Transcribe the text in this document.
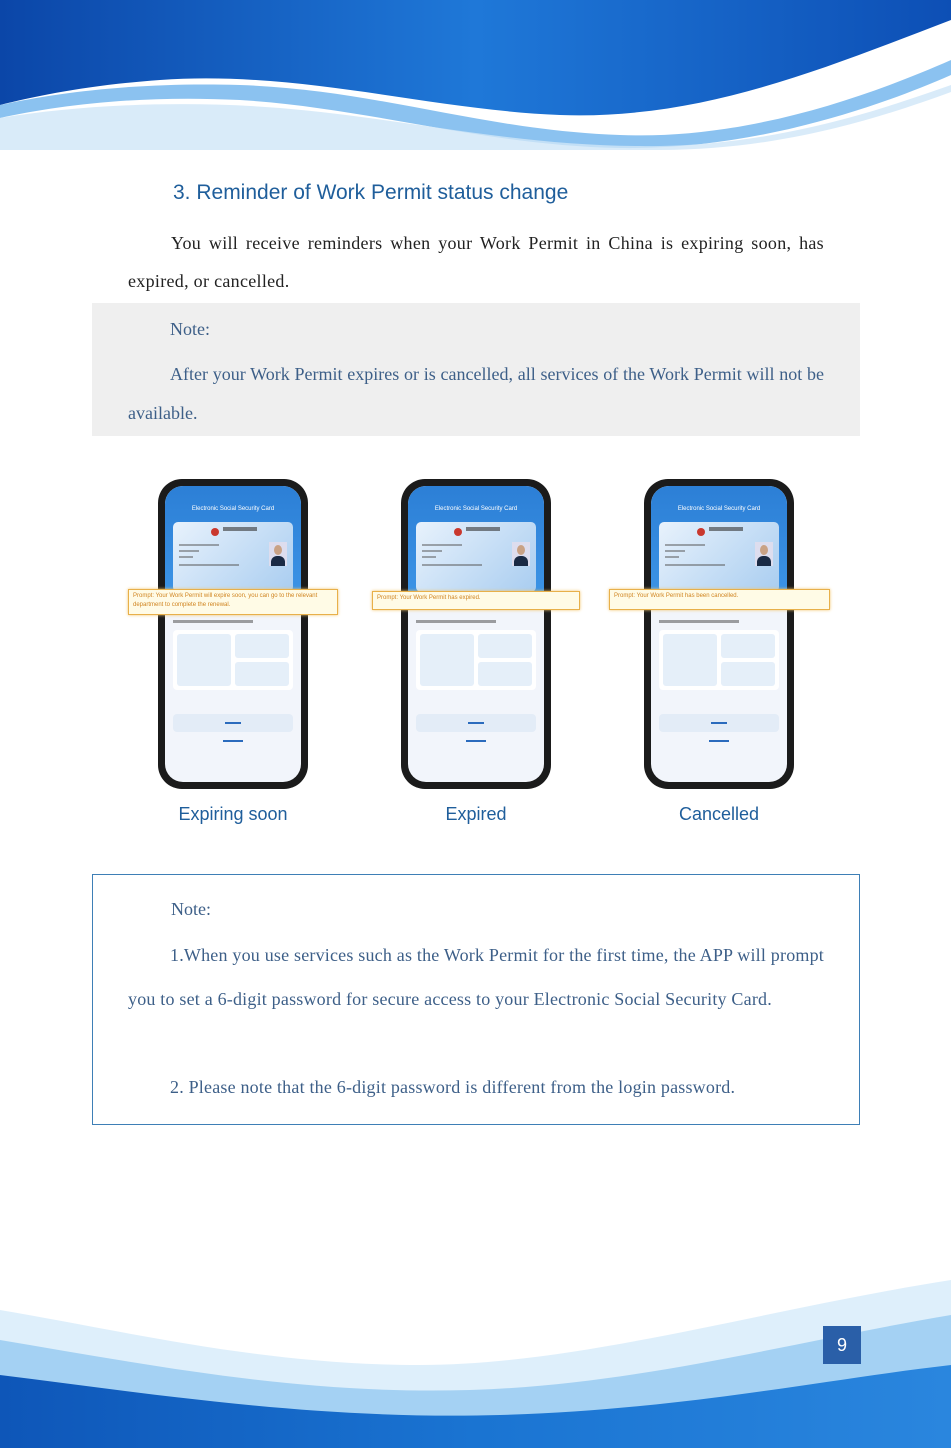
3. Reminder of Work Permit status change
You will receive reminders when your Work Permit in China is expiring soon, has expired, or cancelled.
Note:
After your Work Permit expires or is cancelled, all services of the Work Permit will not be available.
Electronic Social Security Card
Prompt: Your Work Permit will expire soon, you can go to the relevant department to complete the renewal.
Electronic Social Security Card
Prompt: Your Work Permit has expired.
Electronic Social Security Card
Prompt: Your Work Permit has been cancelled.
Expiring soon	Expired	Cancelled
Note:
1.When you use services such as the Work Permit for the first time, the APP will prompt you to set a 6-digit password for secure access to your Electronic Social Security Card.
2. Please note that the 6-digit password is different from the login password.
9
